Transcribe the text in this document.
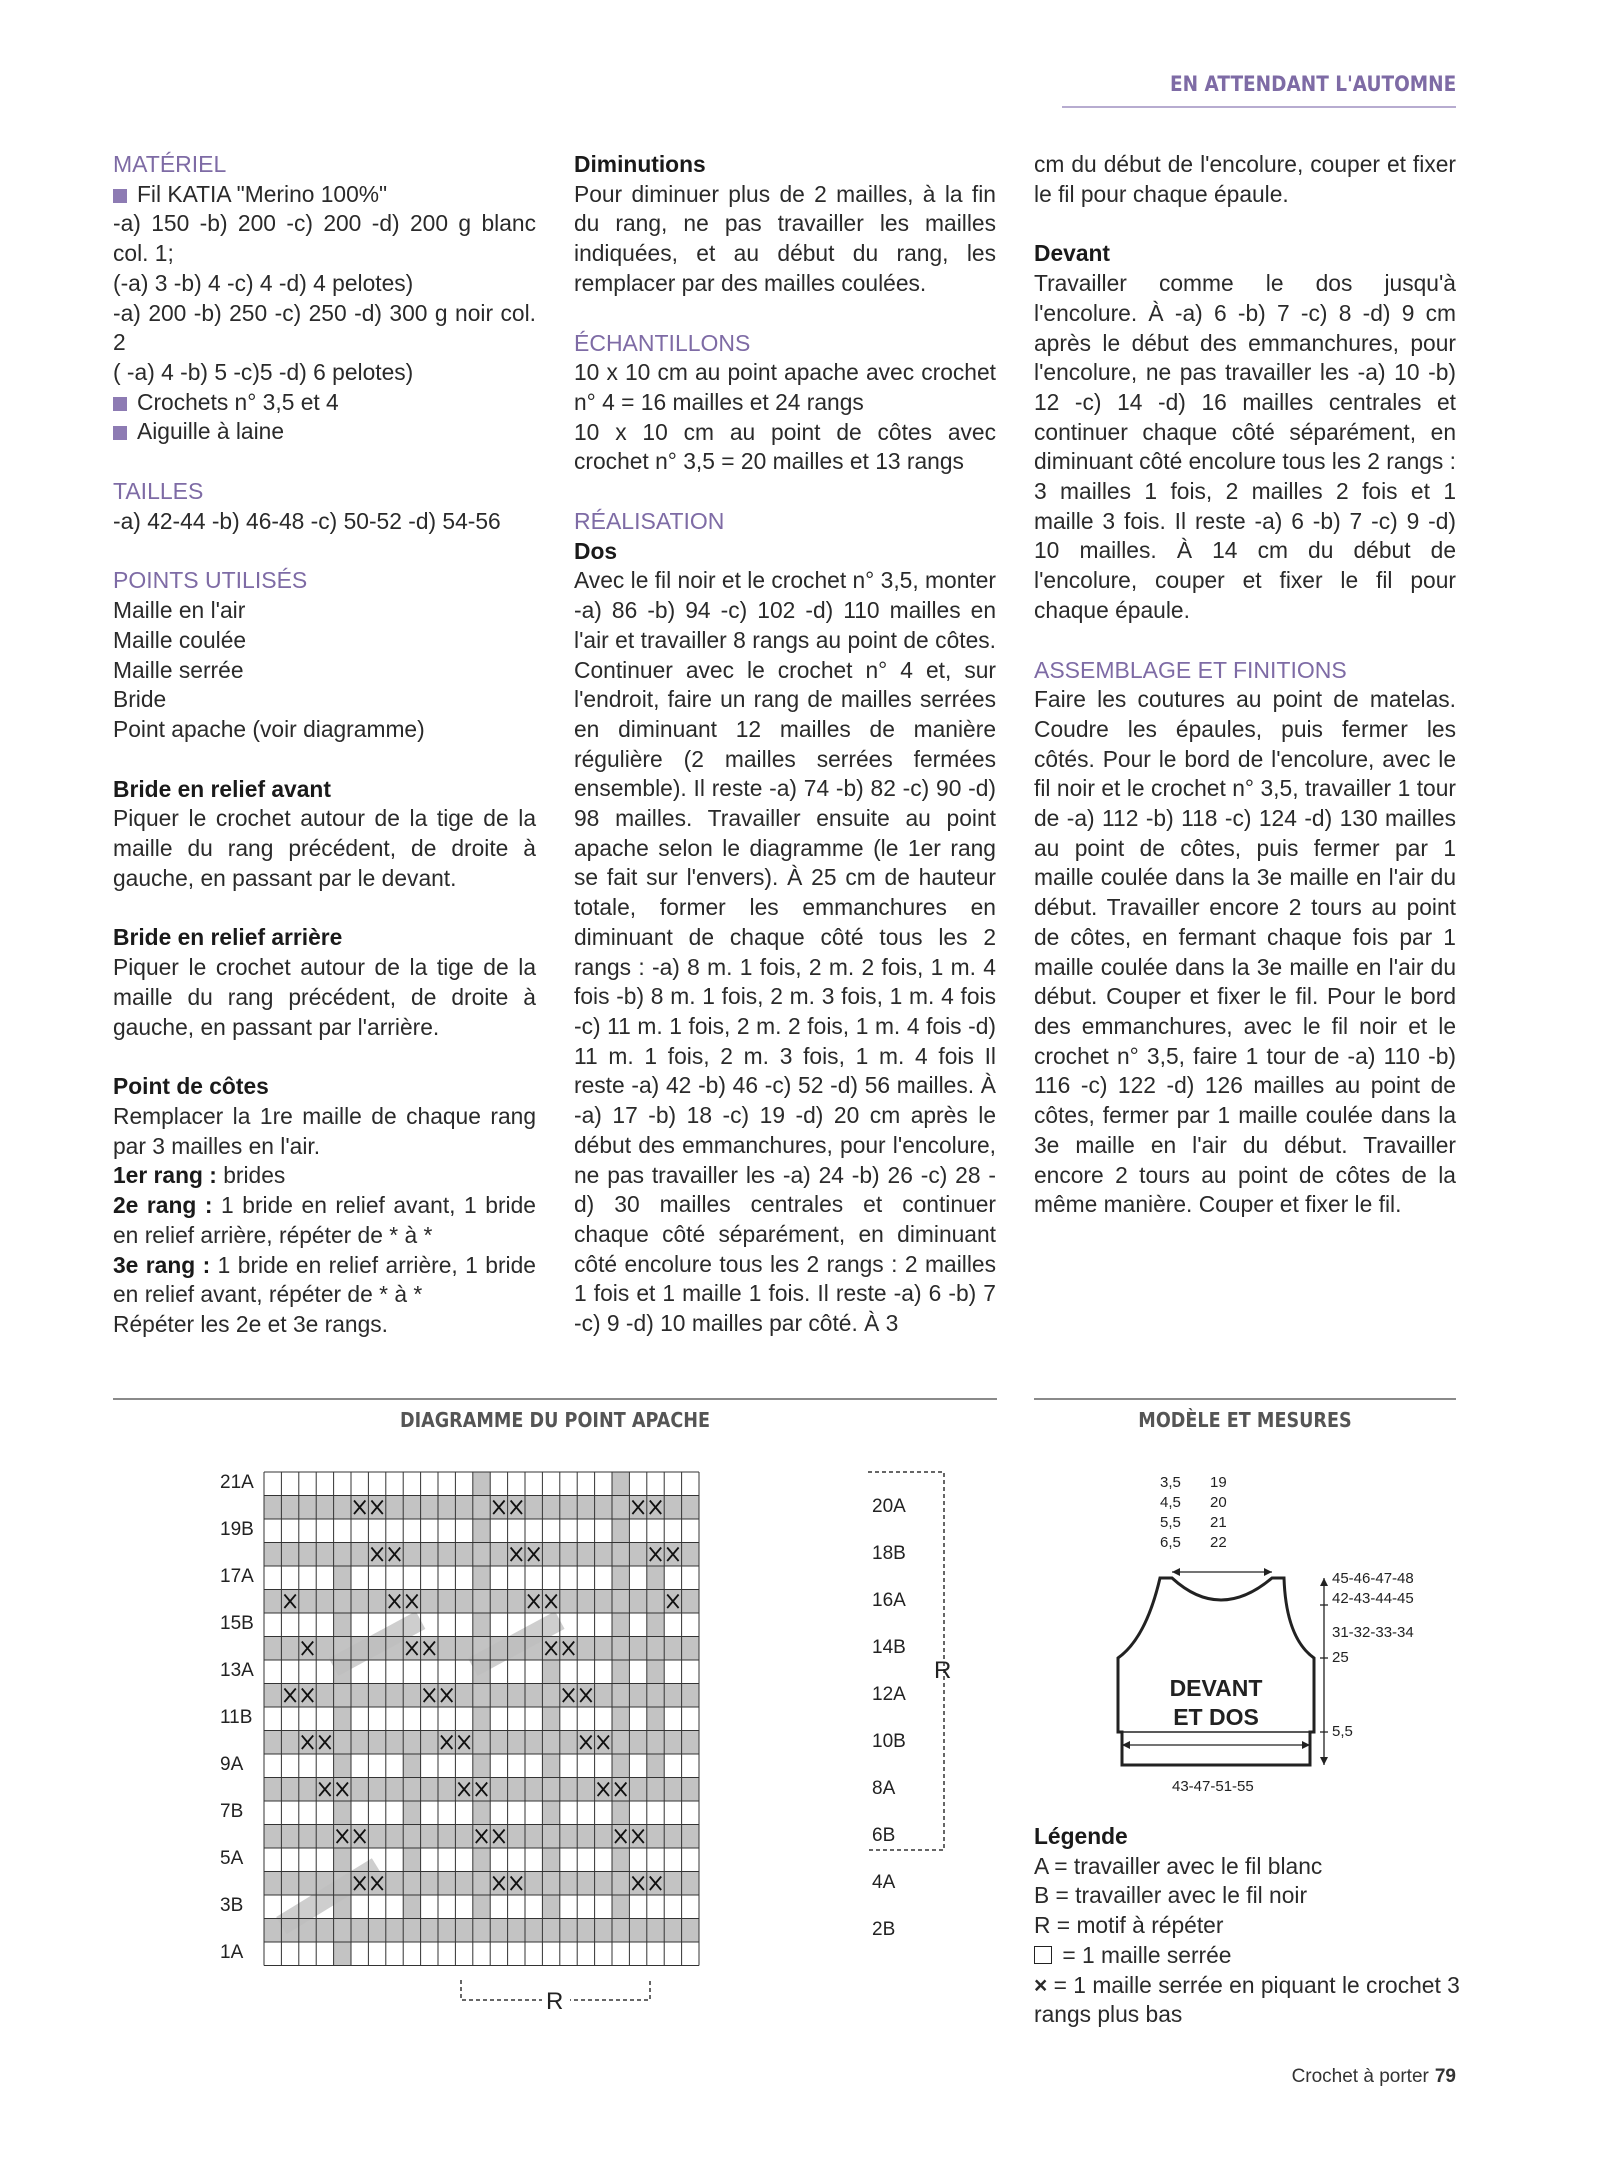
EN ATTENDANT L'AUTOMNE

MATÉRIEL

Fil KATIA "Merino 100%"

-a) 150 -b) 200 -c) 200 -d) 200 g blanc col. 1;

(-a) 3 -b) 4 -c) 4 -d) 4 pelotes)

-a) 200 -b) 250 -c) 250 -d) 300 g noir col. 2

( -a) 4 -b) 5 -c)5 -d) 6 pelotes)

Crochets n° 3,5 et 4

Aiguille à laine

TAILLES

-a) 42-44 -b) 46-48 -c) 50-52 -d) 54-56

POINTS UTILISÉS

Maille en l'air

Maille coulée

Maille serrée

Bride

Point apache (voir diagramme)

Bride en relief avant

Piquer le crochet autour de la tige de la maille du rang précédent, de droite à gauche, en passant par le devant.

Bride en relief arrière

Piquer le crochet autour de la tige de la maille du rang précédent, de droite à gauche, en passant par l'arrière.

Point de côtes

Remplacer la 1re maille de chaque rang par 3 mailles en l'air.

1er rang : brides

2e rang : 1 bride en relief avant, 1 bride en relief arrière, répéter de * à *

3e rang : 1 bride en relief arrière, 1 bride en relief avant, répéter de * à *

Répéter les 2e et 3e rangs.

Diminutions

Pour diminuer plus de 2 mailles, à la fin du rang, ne pas travailler les mailles indiquées, et au début du rang, les remplacer par des mailles coulées.

ÉCHANTILLONS

10 x 10 cm au point apache avec crochet n° 4 = 16 mailles et 24 rangs

10 x 10 cm au point de côtes avec crochet n° 3,5 = 20 mailles et 13 rangs

RÉALISATION

Dos

Avec le fil noir et le crochet n° 3,5, monter -a) 86 -b) 94 -c) 102 -d) 110 mailles en l'air et travailler 8 rangs au point de côtes. Continuer avec le crochet n° 4 et, sur l'endroit, faire un rang de mailles serrées en diminuant 12 mailles de manière régulière (2 mailles serrées fermées ensemble). Il reste -a) 74 -b) 82 -c) 90 -d) 98 mailles. Travailler ensuite au point apache selon le diagramme (le 1er rang se fait sur l'envers). À 25 cm de hauteur totale, former les emmanchures en diminuant de chaque côté tous les 2 rangs : -a) 8 m. 1 fois, 2 m. 2 fois, 1 m. 4 fois -b) 8 m. 1 fois, 2 m. 3 fois, 1 m. 4 fois -c) 11 m. 1 fois, 2 m. 2 fois, 1 m. 4 fois -d) 11 m. 1 fois, 2 m. 3 fois, 1 m. 4 fois Il reste -a) 42 -b) 46 -c) 52 -d) 56 mailles. À -a) 17 -b) 18 -c) 19 -d) 20 cm après le début des emmanchures, pour l'encolure, ne pas travailler les -a) 24 -b) 26 -c) 28 -d) 30 mailles centrales et continuer chaque côté séparément, en diminuant côté encolure tous les 2 rangs : 2 mailles 1 fois et 1 maille 1 fois. Il reste -a) 6 -b) 7 -c) 9 -d) 10 mailles par côté. À 3

cm du début de l'encolure, couper et fixer le fil pour chaque épaule.

Devant

Travailler comme le dos jusqu'à l'encolure. À -a) 6 -b) 7 -c) 8 -d) 9 cm après le début des emmanchures, pour l'encolure, ne pas travailler les -a) 10 -b) 12 -c) 14 -d) 16 mailles centrales et continuer chaque côté séparément, en diminuant côté encolure tous les 2 rangs : 3 mailles 1 fois, 2 mailles 2 fois et 1 maille 3 fois. Il reste -a) 6 -b) 7 -c) 9 -d) 10 mailles. À 14 cm du début de l'encolure, couper et fixer le fil pour chaque épaule.

ASSEMBLAGE ET FINITIONS

Faire les coutures au point de matelas. Coudre les épaules, puis fermer les côtés. Pour le bord de l'encolure, avec le fil noir et le crochet n° 3,5, travailler 1 tour de -a) 112 -b) 118 -c) 124 -d) 130 mailles au point de côtes, puis fermer par 1 maille coulée dans la 3e maille en l'air du début. Travailler encore 2 tours au point de côtes, en fermant chaque fois par 1 maille coulée dans la 3e maille en l'air du début. Couper et fixer le fil. Pour le bord des emmanchures, avec le fil noir et le crochet n° 3,5, faire 1 tour de -a) 110 -b) 116 -c) 122 -d) 126 mailles au point de côtes, fermer par 1 maille coulée dans la 3e maille en l'air du début. Travailler encore 2 tours au point de côtes de la même manière. Couper et fixer le fil.

DIAGRAMME DU POINT APACHE
21A
19B
17A
15B
13A
11B
9A
7B
5A
3B
1A
20A
18B
16A
14B
12A
10B
8A
6B
4A
2B
R
R
MODÈLE ET MESURES
3,5
4,5
5,5
6,5
19
20
21
22
43-47-51-55
45-46-47-48
42-43-44-45
31-32-33-34
25
5,5
DEVANT
ET DOS
Légende
A = travailler avec le fil blanc
B = travailler avec le fil noir
R = motif à répéter
= 1 maille serrée
× = 1 maille serrée en piquant le crochet 3 rangs plus bas
Crochet à porter 79
